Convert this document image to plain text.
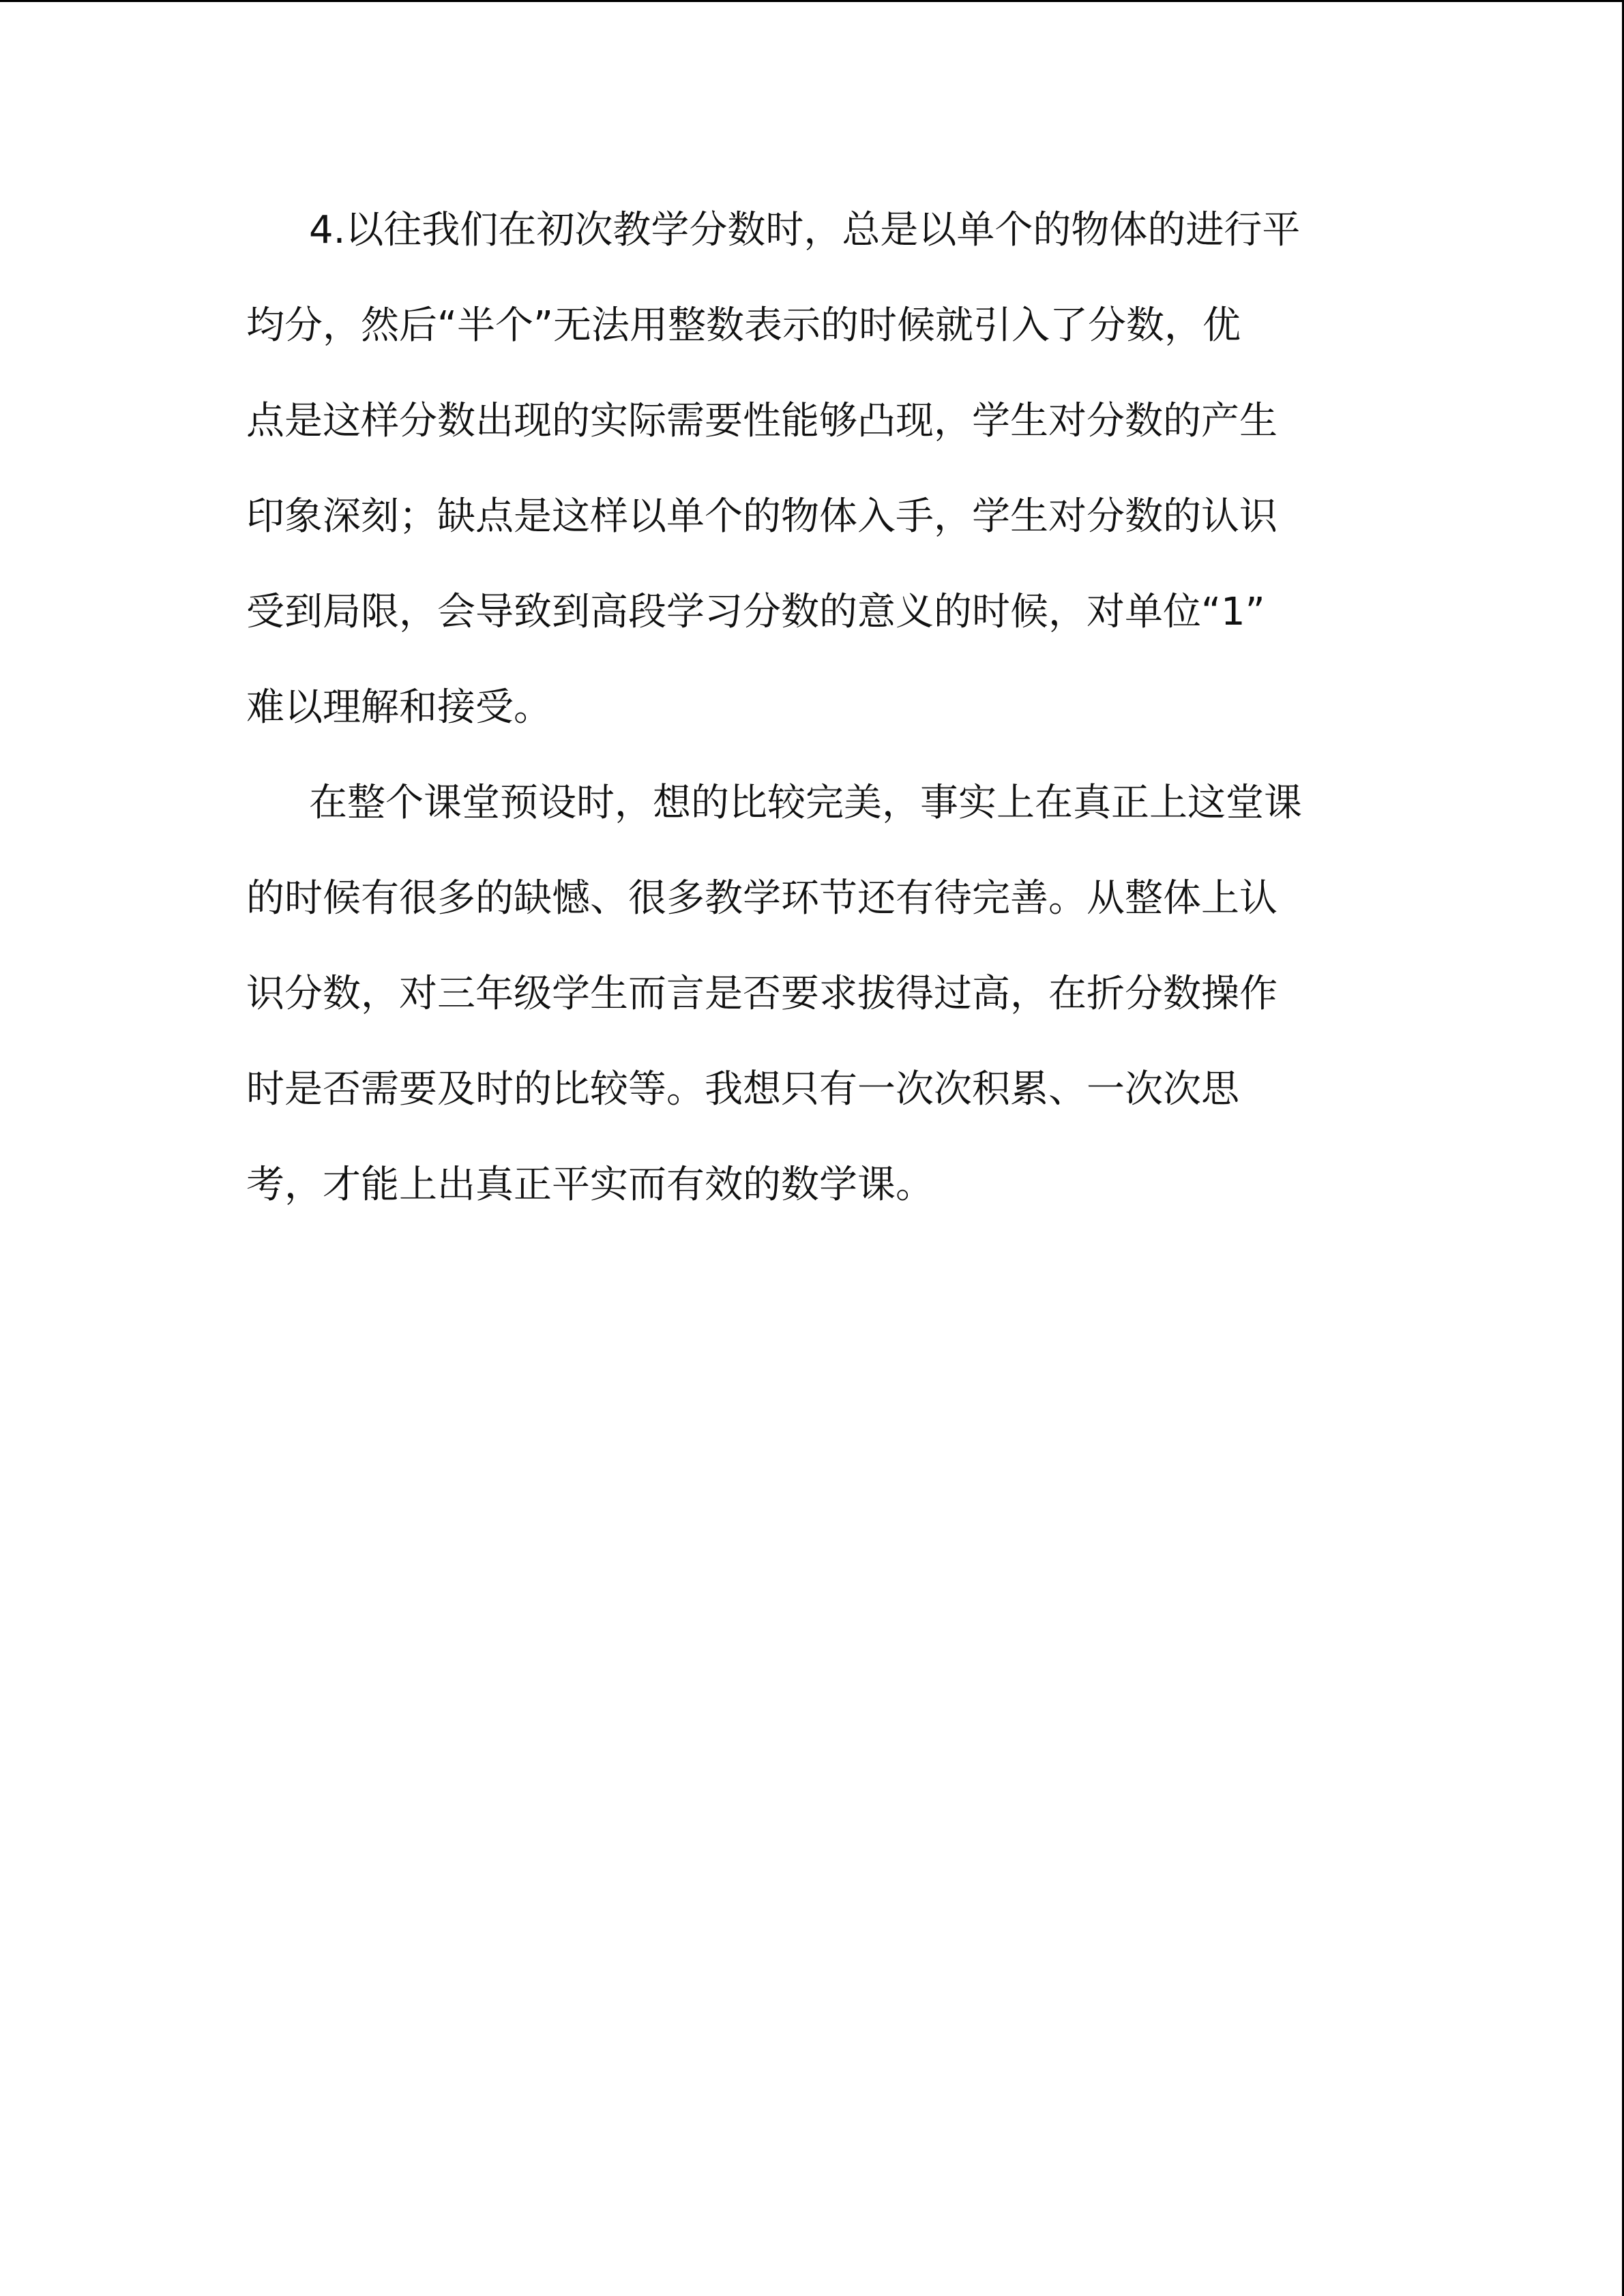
4.以往我们在初次教学分数时，总是以单个的物体的进行平
均分，然后“半个”无法用整数表示的时候就引入了分数，优
点是这样分数出现的实际需要性能够凸现，学生对分数的产生
印象深刻；缺点是这样以单个的物体入手，学生对分数的认识
受到局限，会导致到高段学习分数的意义的时候，对单位“1”
难以理解和接受。
在整个课堂预设时，想的比较完美，事实上在真正上这堂课
的时候有很多的缺憾、很多教学环节还有待完善。从整体上认
识分数，对三年级学生而言是否要求拔得过高，在折分数操作
时是否需要及时的比较等。我想只有一次次积累、一次次思
考，才能上出真正平实而有效的数学课。
